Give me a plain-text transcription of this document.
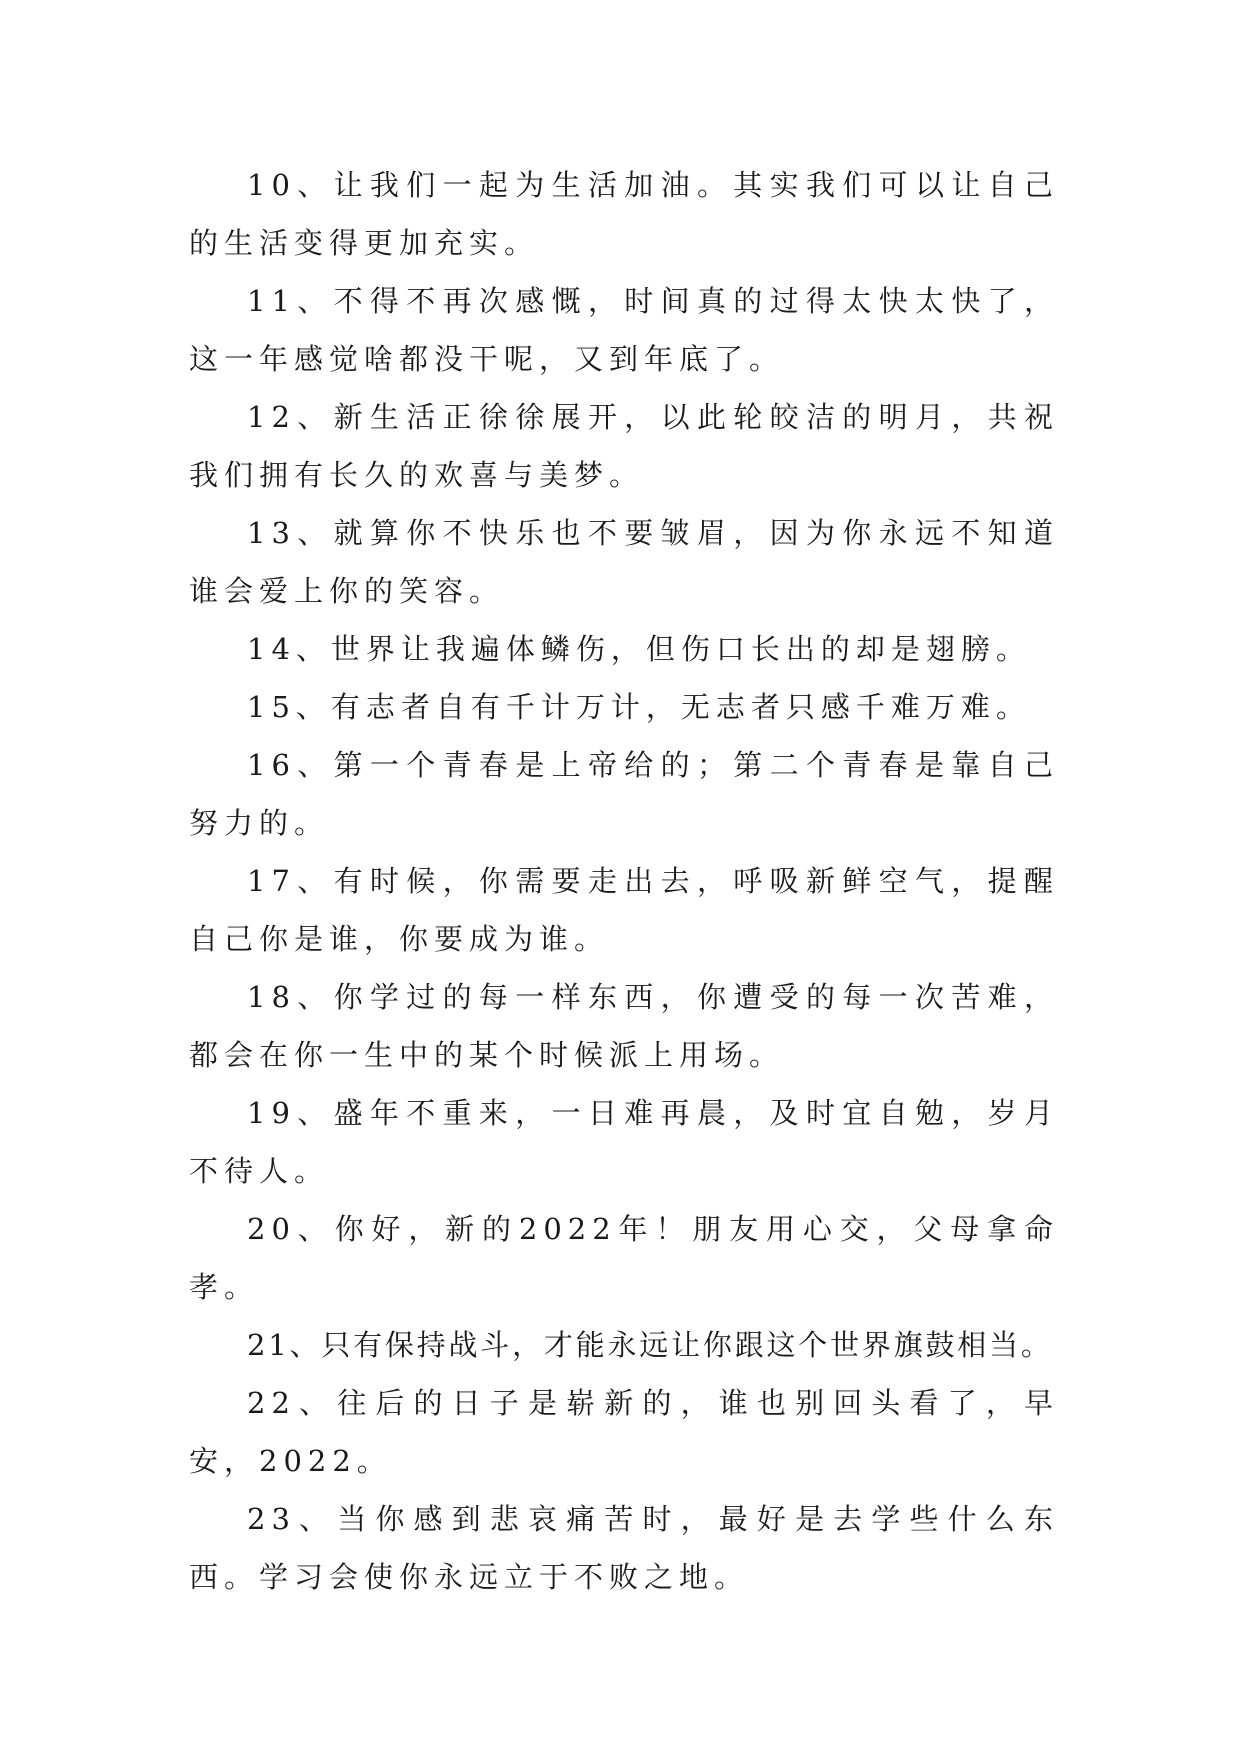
10、让我们一起为生活加油。其实我们可以让自己的生活变得更加充实。

11、不得不再次感慨，时间真的过得太快太快了，这一年感觉啥都没干呢，又到年底了。

12、新生活正徐徐展开，以此轮皎洁的明月，共祝我们拥有长久的欢喜与美梦。

13、就算你不快乐也不要皱眉，因为你永远不知道谁会爱上你的笑容。

14、世界让我遍体鳞伤，但伤口长出的却是翅膀。

15、有志者自有千计万计，无志者只感千难万难。

16、第一个青春是上帝给的；第二个青春是靠自己努力的。

17、有时候，你需要走出去，呼吸新鲜空气，提醒自己你是谁，你要成为谁。

18、你学过的每一样东西，你遭受的每一次苦难，都会在你一生中的某个时候派上用场。

19、盛年不重来，一日难再晨，及时宜自勉，岁月不待人。

20、你好，新的2022年！朋友用心交，父母拿命孝。

21、只有保持战斗，才能永远让你跟这个世界旗鼓相当。

22、往后的日子是崭新的，谁也别回头看了，早安，2022。

23、当你感到悲哀痛苦时，最好是去学些什么东西。学习会使你永远立于不败之地。
